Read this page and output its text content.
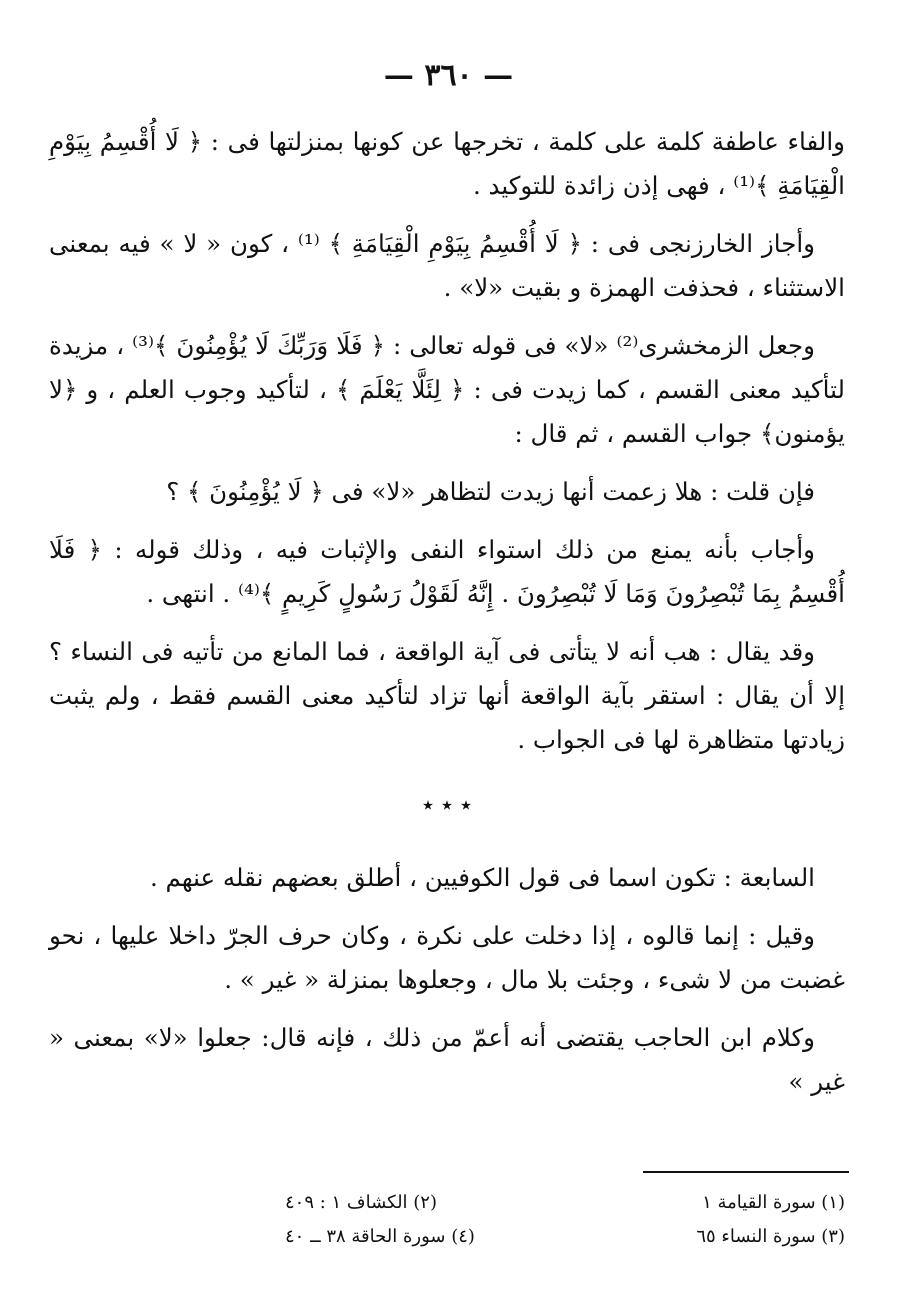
— ٣٦٠ —

والفاء عاطفة كلمة على كلمة ، تخرجها عن كونها بمنزلتها فى : ﴿ لَا أُقْسِمُ بِيَوْمِ الْقِيَامَةِ ﴾⁽¹⁾ ، فهى إذن زائدة للتوكيد .

وأجاز الخارزنجى فى : ﴿ لَا أُقْسِمُ بِيَوْمِ الْقِيَامَةِ ﴾ ⁽¹⁾ ، كون « لا » فيه بمعنى الاستثناء ، فحذفت الهمزة و بقيت «لا» .

وجعل الزمخشرى⁽²⁾ «لا» فى قوله تعالى : ﴿ فَلَا وَرَبِّكَ لَا يُؤْمِنُونَ ﴾⁽³⁾ ، مزيدة لتأكيد معنى القسم ، كما زيدت فى : ﴿ لِئَلَّا يَعْلَمَ ﴾ ، لتأكيد وجوب العلم ، و ﴿لا يؤمنون﴾ جواب القسم ، ثم قال :

فإن قلت : هلا زعمت أنها زيدت لتظاهر «لا» فى ﴿ لَا يُؤْمِنُونَ ﴾ ؟

وأجاب بأنه يمنع من ذلك استواء النفى والإثبات فيه ، وذلك قوله : ﴿ فَلَا أُقْسِمُ بِمَا تُبْصِرُونَ وَمَا لَا تُبْصِرُونَ . إِنَّهُ لَقَوْلُ رَسُولٍ كَرِيمٍ ﴾⁽⁴⁾ . انتهى .

وقد يقال : هب أنه لا يتأتى فى آية الواقعة ، فما المانع من تأتيه فى النساء ؟ إلا أن يقال : استقر بآية الواقعة أنها تزاد لتأكيد معنى القسم فقط ، ولم يثبت زيادتها متظاهرة لها فى الجواب .

٭ ٭ ٭

السابعة : تكون اسما فى قول الكوفيين ، أطلق بعضهم نقله عنهم .

وقيل : إنما قالوه ، إذا دخلت على نكرة ، وكان حرف الجرّ داخلا عليها ، نحو غضبت من لا شىء ، وجئت بلا مال ، وجعلوها بمنزلة « غير » .

وكلام ابن الحاجب يقتضى أنه أعمّ من ذلك ، فإنه قال: جعلوا «لا» بمعنى « غير »

(١) سورة القيامة ١
(٢) الكشاف ١ : ٤٠٩
(٣) سورة النساء ٦٥
(٤) سورة الحاقة ٣٨ ــ ٤٠
